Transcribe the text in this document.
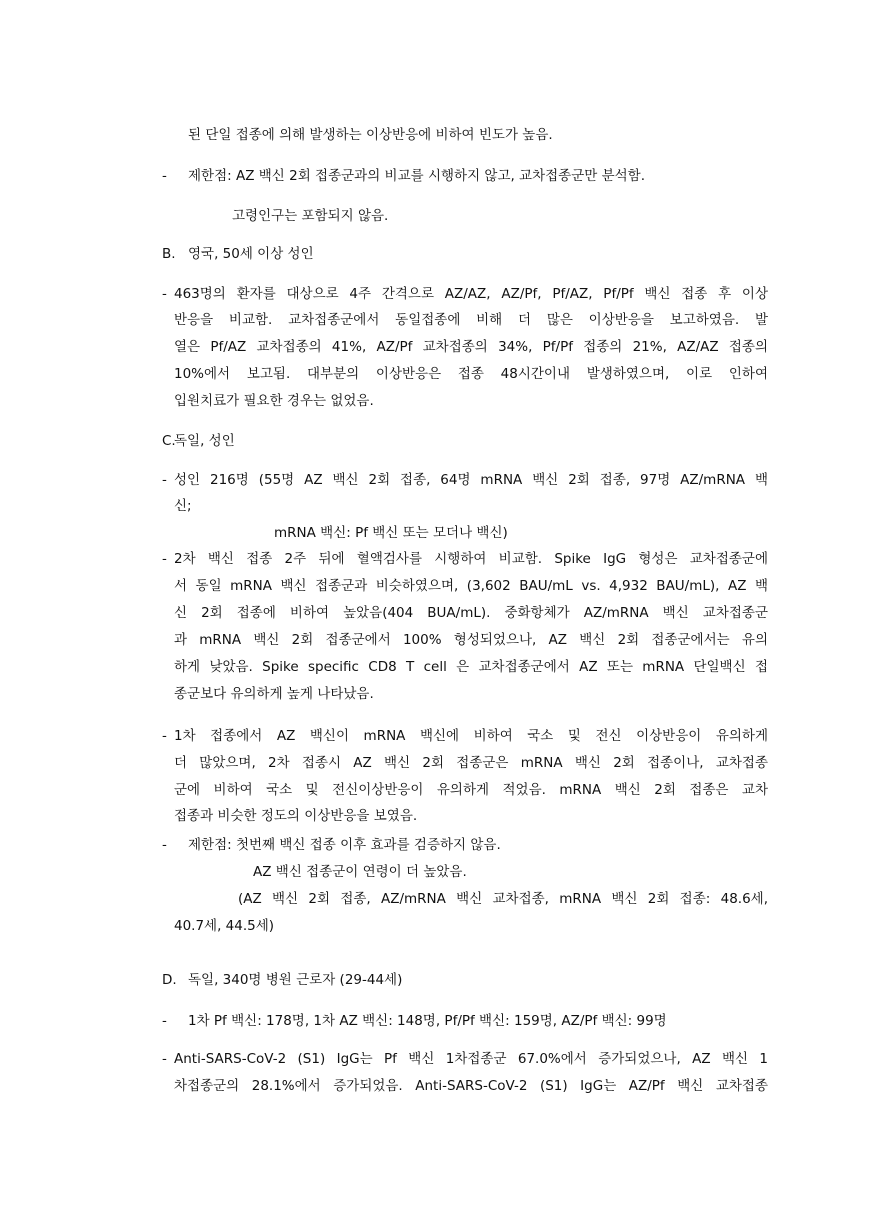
된 단일 접종에 의해 발생하는 이상반응에 비하여 빈도가 높음.
- 제한점: AZ 백신 2회 접종군과의 비교를 시행하지 않고, 교차접종군만 분석함.
고령인구는 포함되지 않음.
B. 영국, 50세 이상 성인
- 463명의 환자를 대상으로 4주 간격으로 AZ/AZ, AZ/Pf, Pf/AZ, Pf/Pf 백신 접종 후 이상
반응을 비교함. 교차접종군에서 동일접종에 비해 더 많은 이상반응을 보고하였음. 발
열은 Pf/AZ 교차접종의 41%, AZ/Pf 교차접종의 34%, Pf/Pf 접종의 21%, AZ/AZ 접종의
10%에서 보고됨. 대부분의 이상반응은 접종 48시간이내 발생하였으며, 이로 인하여
입원치료가 필요한 경우는 없었음.
C.
독일, 성인
- 성인 216명 (55명 AZ 백신 2회 접종, 64명 mRNA 백신 2회 접종, 97명 AZ/mRNA 백
신;
mRNA 백신: Pf 백신 또는 모더나 백신)
- 2차 백신 접종 2주 뒤에 혈액검사를 시행하여 비교함. Spike IgG 형성은 교차접종군에
서 동일 mRNA 백신 접종군과 비슷하였으며, (3,602 BAU/mL vs. 4,932 BAU/mL), AZ 백
신 2회 접종에 비하여 높았음(404 BUA/mL). 중화항체가 AZ/mRNA 백신 교차접종군
과 mRNA 백신 2회 접종군에서 100% 형성되었으나, AZ 백신 2회 접종군에서는 유의
하게 낮았음. Spike specific CD8 T cell 은 교차접종군에서 AZ 또는 mRNA 단일백신 접
종군보다 유의하게 높게 나타났음.
- 1차 접종에서 AZ 백신이 mRNA 백신에 비하여 국소 및 전신 이상반응이 유의하게
더 많았으며, 2차 접종시 AZ 백신 2회 접종군은 mRNA 백신 2회 접종이나, 교차접종
군에 비하여 국소 및 전신이상반응이 유의하게 적었음. mRNA 백신 2회 접종은 교차
접종과 비슷한 정도의 이상반응을 보였음.
- 제한점: 첫번째 백신 접종 이후 효과를 검증하지 않음.
AZ 백신 접종군이 연령이 더 높았음.
(AZ 백신 2회 접종, AZ/mRNA 백신 교차접종, mRNA 백신 2회 접종: 48.6세,
40.7세, 44.5세)
D. 독일, 340명 병원 근로자 (29-44세)
- 1차 Pf 백신: 178명, 1차 AZ 백신: 148명, Pf/Pf 백신: 159명, AZ/Pf 백신: 99명
- Anti-SARS-CoV-2 (S1) IgG는 Pf 백신 1차접종군 67.0%에서 증가되었으나, AZ 백신 1
차접종군의 28.1%에서 증가되었음. Anti-SARS-CoV-2 (S1) IgG는 AZ/Pf 백신 교차접종
